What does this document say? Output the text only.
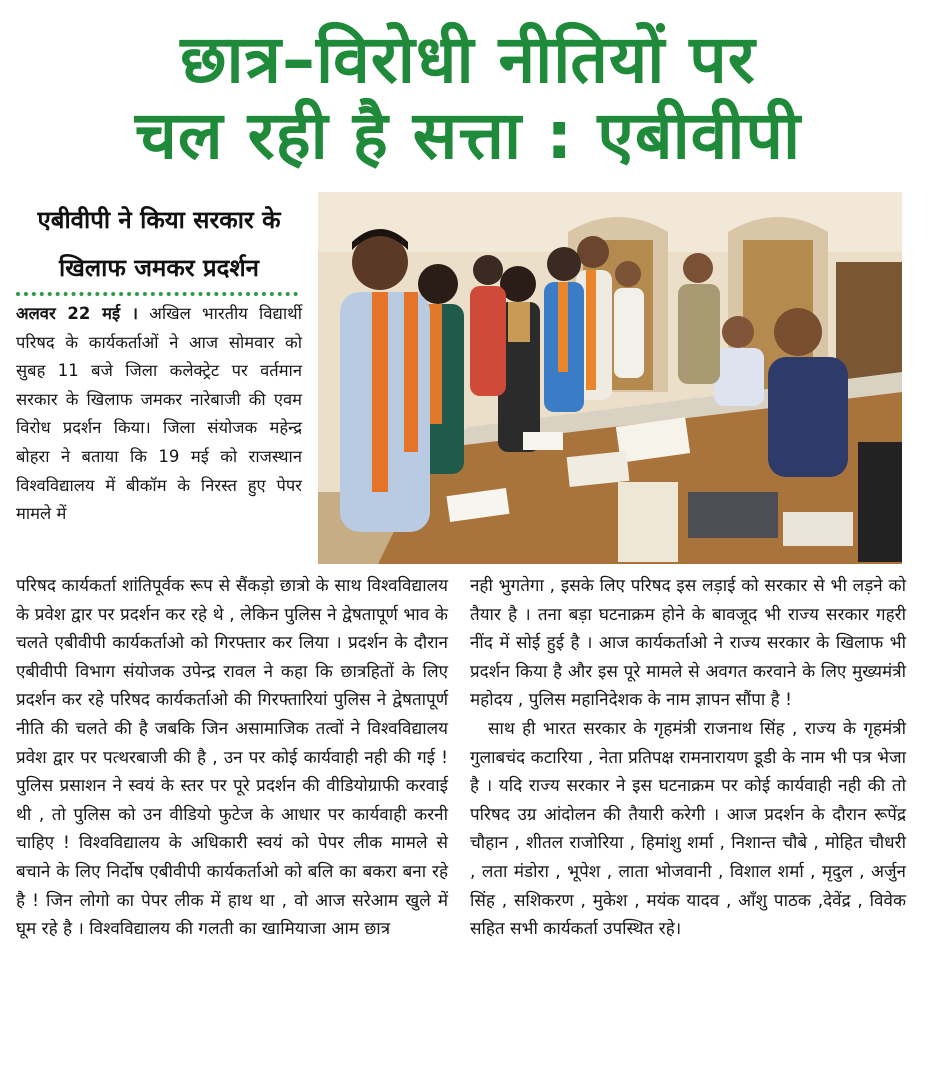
छात्र–विरोधी नीतियों पर
चल रही है सत्ता : एबीवीपी
एबीवीपी ने किया सरकार के
खिलाफ जमकर प्रदर्शन

अलवर 22 मई । अखिल भारतीय विद्यार्थी परिषद के कार्यकर्ताओं ने आज सोमवार को सुबह 11 बजे जिला कलेक्ट्रेट पर वर्तमान सरकार के खिलाफ जमकर नारेबाजी की एवम विरोध प्रदर्शन किया। जिला संयोजक महेन्द्र बोहरा ने बताया कि 19 मई को राजस्थान विश्वविद्यालय में बीकॉम के निरस्त हुए पेपर मामले में

परिषद कार्यकर्ता शांतिपूर्वक रूप से सैंकड़ो छात्रो के साथ विश्वविद्यालय के प्रवेश द्वार पर प्रदर्शन कर रहे थे , लेकिन पुलिस ने द्वेषतापूर्ण भाव के चलते एबीवीपी कार्यकर्ताओ को गिरफ्तार कर लिया । प्रदर्शन के दौरान एबीवीपी विभाग संयोजक उपेन्द्र रावल ने कहा कि छात्रहितों के लिए प्रदर्शन कर रहे परिषद कार्यकर्ताओ की गिरफ्तारियां पुलिस ने द्वेषतापूर्ण नीति की चलते की है जबकि जिन असामाजिक तत्वों ने विश्वविद्यालय प्रवेश द्वार पर पत्थरबाजी की है , उन पर कोई कार्यवाही नही की गई ! पुलिस प्रसाशन ने स्वयं के स्तर पर पूरे प्रदर्शन की वीडियोग्राफी करवाई थी , तो पुलिस को उन वीडियो फुटेज के आधार पर कार्यवाही करनी चाहिए ! विश्वविद्यालय के अधिकारी स्वयं को पेपर लीक मामले से बचाने के लिए निर्दोष एबीवीपी कार्यकर्ताओ को बलि का बकरा बना रहे है ! जिन लोगो का पेपर लीक में हाथ था , वो आज सरेआम खुले में घूम रहे है । विश्वविद्यालय की गलती का खामियाजा आम छात्र

नही भुगतेगा , इसके लिए परिषद इस लड़ाई को सरकार से भी लड़ने को तैयार है । तना बड़ा घटनाक्रम होने के बावजूद भी राज्य सरकार गहरी नींद में सोई हुई है । आज कार्यकर्ताओ ने राज्य सरकार के खिलाफ भी प्रदर्शन किया है और इस पूरे मामले से अवगत करवाने के लिए मुख्यमंत्री महोदय , पुलिस महानिदेशक के नाम ज्ञापन सौंपा है !

साथ ही भारत सरकार के गृहमंत्री राजनाथ सिंह , राज्य के गृहमंत्री गुलाबचंद कटारिया , नेता प्रतिपक्ष रामनारायण डूडी के नाम भी पत्र भेजा है । यदि राज्य सरकार ने इस घटनाक्रम पर कोई कार्यवाही नही की तो परिषद उग्र आंदोलन की तैयारी करेगी । आज प्रदर्शन के दौरान रूपेंद्र चौहान , शीतल राजोरिया , हिमांशु शर्मा , निशान्त चौबे , मोहित चौधरी , लता मंडोरा , भूपेश , लाता भोजवानी , विशाल शर्मा , मृदुल , अर्जुन सिंह , सशिकरण , मुकेश , मयंक यादव , आँशु पाठक ,देवेंद्र , विवेक सहित सभी कार्यकर्ता उपस्थित रहे।
